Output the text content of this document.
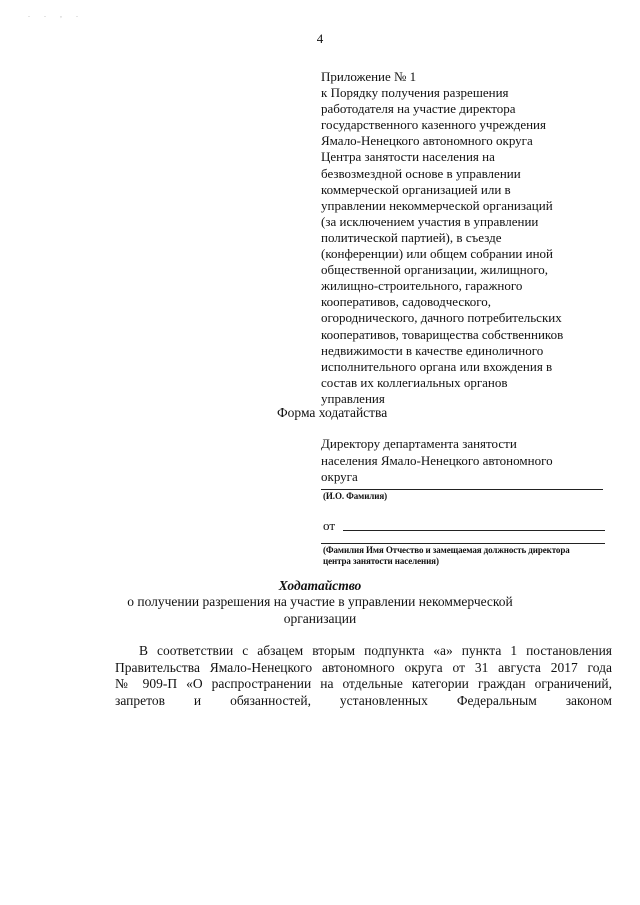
. . , .
4
Приложение № 1
к Порядку получения разрешения
работодателя на участие директора
государственного казенного учреждения
Ямало-Ненецкого автономного округа
Центра занятости населения на
безвозмездной основе в управлении
коммерческой организацией или в
управлении некоммерческой организаций
(за исключением участия в управлении
политической партией), в съезде
(конференции) или общем собрании иной
общественной организации, жилищного,
жилищно-строительного, гаражного
кооперативов, садоводческого,
огороднического, дачного потребительских
кооперативов, товарищества собственников
недвижимости в качестве единоличного
исполнительного органа или вхождения в
состав их коллегиальных органов
управления
Форма ходатайства
Директору департамента занятости
населения Ямало-Ненецкого автономного
округа
(И.О. Фамилия)
от
(Фамилия Имя Отчество и замещаемая должность директора
центра занятости населения)
Ходатайство
о получении разрешения на участие в управлении некоммерческой
организации
В соответствии с абзацем вторым подпункта «а» пункта 1 постановления
Правительства Ямало-Ненецкого автономного округа от 31 августа 2017 года
№ 909-П «О распространении на отдельные категории граждан ограничений,
запретов и обязанностей, установленных Федеральным законом
